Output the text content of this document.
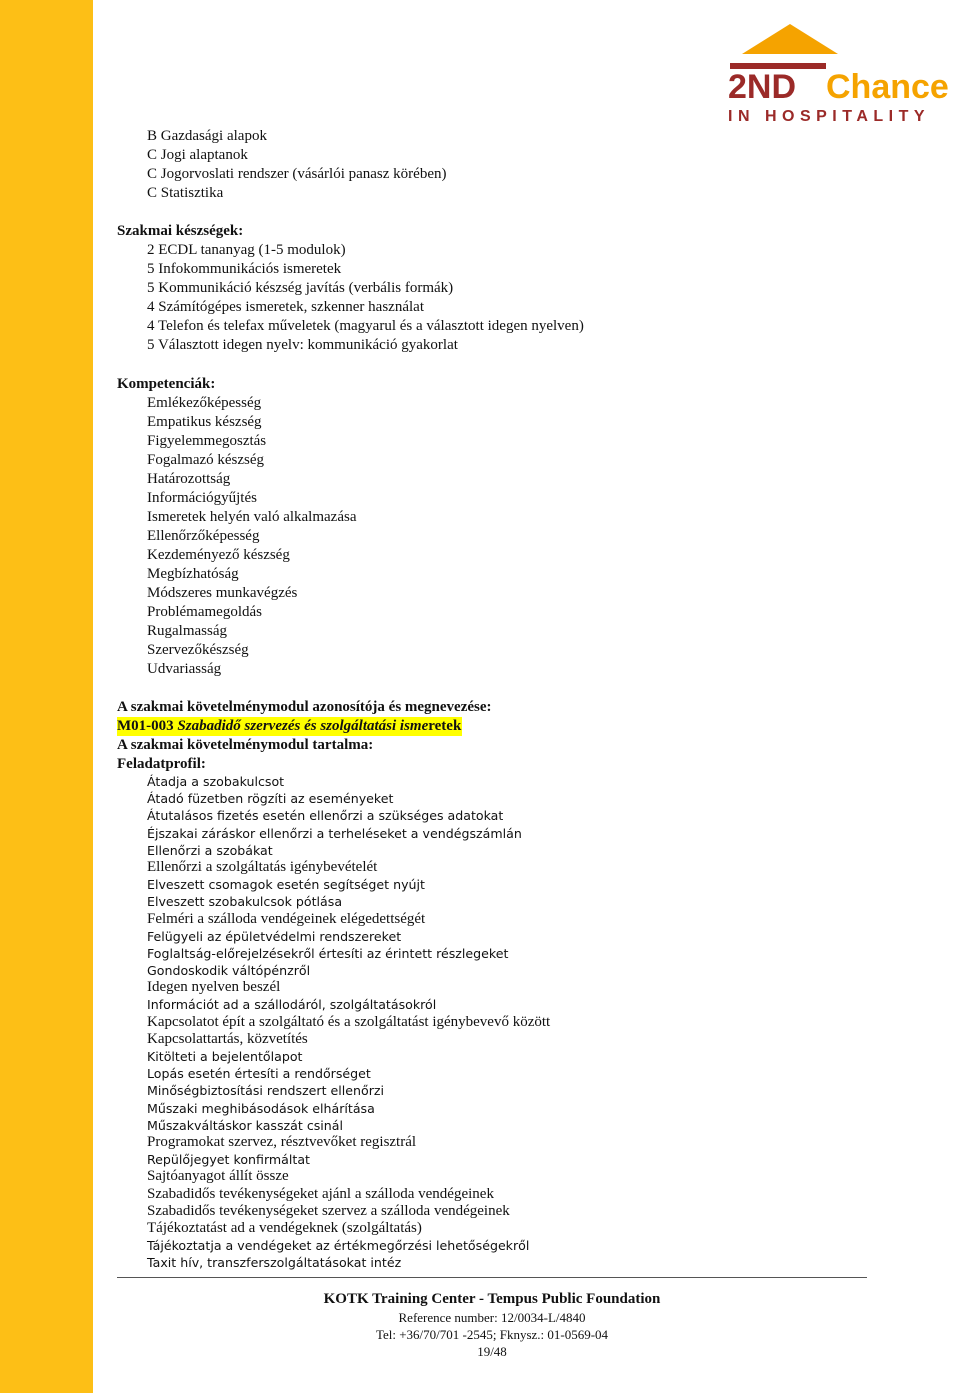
2ND Chance
IN HOSPITALITY
B Gazdasági alapok
C Jogi alaptanok
C Jogorvoslati rendszer (vásárlói panasz körében)
C Statisztika
Szakmai készségek:
2 ECDL tananyag (1-5 modulok)
5 Infokommunikációs ismeretek
5 Kommunikáció készség javítás (verbális formák)
4 Számítógépes ismeretek, szkenner használat
4 Telefon és telefax műveletek (magyarul és a választott idegen nyelven)
5 Választott idegen nyelv: kommunikáció gyakorlat
Kompetenciák:
Emlékezőképesség
Empatikus készség
Figyelemmegosztás
Fogalmazó készség
Határozottság
Információgyűjtés
Ismeretek helyén való alkalmazása
Ellenőrzőképesség
Kezdeményező készség
Megbízhatóság
Módszeres munkavégzés
Problémamegoldás
Rugalmasság
Szervezőkészség
Udvariasság
A szakmai követelménymodul azonosítója és megnevezése:
M01-003 Szabadidő szervezés és szolgáltatási ismeretek
A szakmai követelménymodul tartalma:
Feladatprofil:
Átadja a szobakulcsot
Átadó füzetben rögzíti az eseményeket
Átutalásos fizetés esetén ellenőrzi a szükséges adatokat
Éjszakai záráskor ellenőrzi a terheléseket a vendégszámlán
Ellenőrzi a szobákat
Ellenőrzi a szolgáltatás igénybevételét
Elveszett csomagok esetén segítséget nyújt
Elveszett szobakulcsok pótlása
Felméri a szálloda vendégeinek elégedettségét
Felügyeli az épületvédelmi rendszereket
Foglaltság-előrejelzésekről értesíti az érintett részlegeket
Gondoskodik váltópénzről
Idegen nyelven beszél
Információt ad a szállodáról, szolgáltatásokról
Kapcsolatot épít a szolgáltató és a szolgáltatást igénybevevő között
Kapcsolattartás, közvetítés
Kitölteti a bejelentőlapot
Lopás esetén értesíti a rendőrséget
Minőségbiztosítási rendszert ellenőrzi
Műszaki meghibásodások elhárítása
Műszakváltáskor kasszát csinál
Programokat szervez, résztvevőket regisztrál
Repülőjegyet konfirmáltat
Sajtóanyagot állít össze
Szabadidős tevékenységeket ajánl a szálloda vendégeinek
Szabadidős tevékenységeket szervez a szálloda vendégeinek
Tájékoztatást ad a vendégeknek (szolgáltatás)
Tájékoztatja a vendégeket az értékmegőrzési lehetőségekről
Taxit hív, transzferszolgáltatásokat intéz
KOTK Training Center - Tempus Public Foundation
Reference number: 12/0034-L/4840
Tel: +36/70/701 -2545; Fknysz.: 01-0569-04
19/48
